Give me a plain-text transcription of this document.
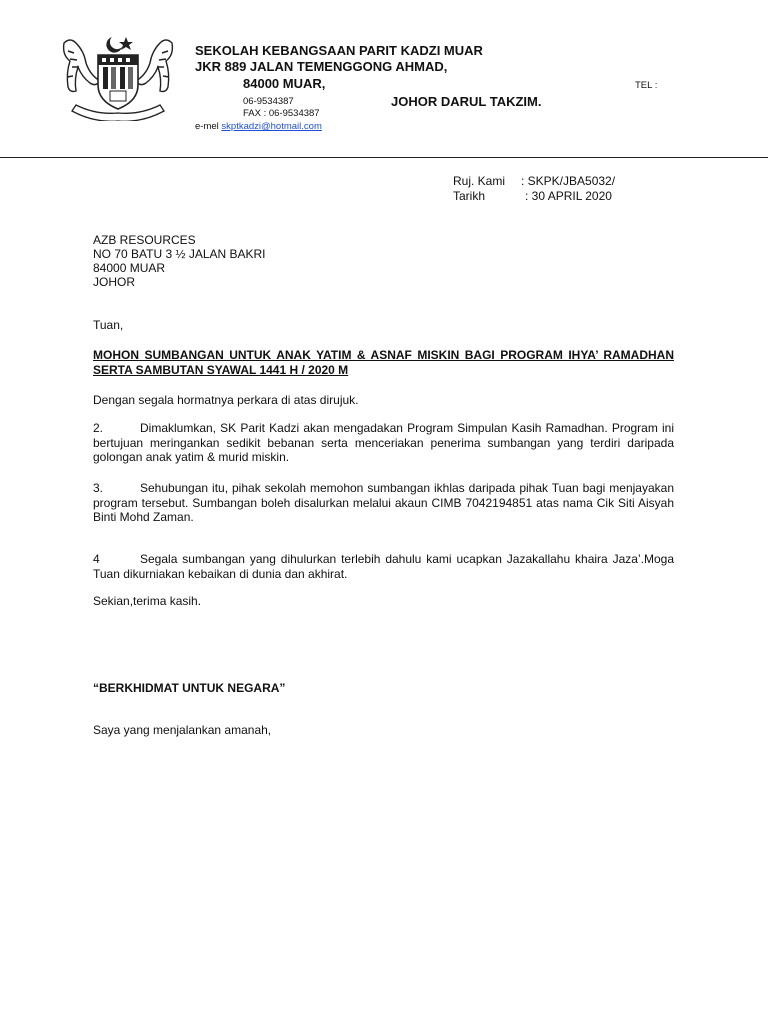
SEKOLAH KEBANGSAAN PARIT KADZI MUAR
JKR 889 JALAN TEMENGGONG AHMAD,
84000 MUAR,	TEL :
06-9534387	JOHOR DARUL TAKZIM.
FAX : 06-9534387
e-mel skptkadzi@hotmail.com
Ruj. Kami : SKPK/JBA5032/
Tarikh	: 30 APRIL 2020
AZB RESOURCES
NO 70 BATU 3 ½ JALAN BAKRI
84000 MUAR
JOHOR
Tuan,
MOHON SUMBANGAN UNTUK ANAK YATIM & ASNAF MISKIN BAGI PROGRAM IHYA’ RAMADHAN SERTA SAMBUTAN SYAWAL 1441 H / 2020 M
Dengan segala hormatnya perkara di atas dirujuk.
2.	Dimaklumkan, SK Parit Kadzi akan mengadakan Program Simpulan Kasih Ramadhan. Program ini bertujuan meringankan sedikit bebanan serta menceriakan penerima sumbangan yang terdiri daripada golongan anak yatim & murid miskin.
3.	Sehubungan itu, pihak sekolah memohon sumbangan ikhlas daripada pihak Tuan bagi menjayakan program tersebut. Sumbangan boleh disalurkan melalui akaun CIMB 7042194851 atas nama Cik Siti Aisyah Binti Mohd Zaman.
4	Segala sumbangan yang dihulurkan terlebih dahulu kami ucapkan Jazakallahu khaira Jaza’.Moga Tuan dikurniakan kebaikan di dunia dan akhirat.
Sekian,terima kasih.
“BERKHIDMAT UNTUK NEGARA”
Saya yang menjalankan amanah,
